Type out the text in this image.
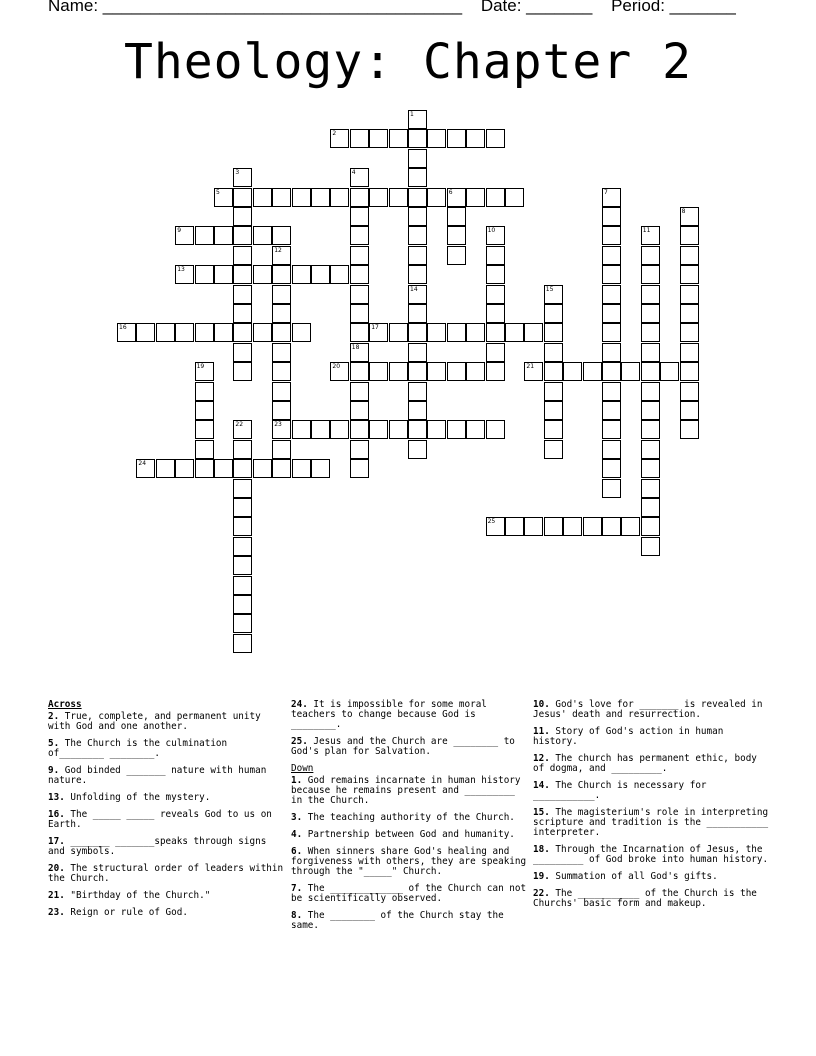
Name: ______________________________________ Date: _______ Period: _______
Theology: Chapter 2
1
14
2
3	4
18
5	6	7
8
9	10	11
12
23
13
15
16	17
19	20	21
22
24
25
Across
2. True, complete, and permanent unity with God and one another.
5. The Church is the culmination of________ ________.
9. God binded _______ nature with human nature.
13. Unfolding of the mystery.
16. The _____ _____ reveals God to us on Earth.
17. _______ _______speaks through signs and symbols.
20. The structural order of leaders within the Church.
21. "Birthday of the Church."
23. Reign or rule of God.
24. It is impossible for some moral teachers to change because God is ________.
25. Jesus and the Church are ________ to God's plan for Salvation.
Down
1. God remains incarnate in human history because he remains present and _________ in the Church.
3. The teaching authority of the Church.
4. Partnership between God and humanity.
6. When sinners share God's healing and forgiveness with others, they are speaking through the "_____" Church.
7. The _____________ of the Church can not be scientifically observed.
8. The ________ of the Church stay the same.
10. God's love for _______ is revealed in Jesus' death and resurrection.
11. Story of God's action in human history.
12. The church has permanent ethic, body of dogma, and _________.
14. The Church is necessary for ___________.
15. The magisterium's role in interpreting scripture and tradition is the ___________ interpreter.
18. Through the Incarnation of Jesus, the _________ of God broke into human history.
19. Summation of all God's gifts.
22. The ___________ of the Church is the Churchs' basic form and makeup.
